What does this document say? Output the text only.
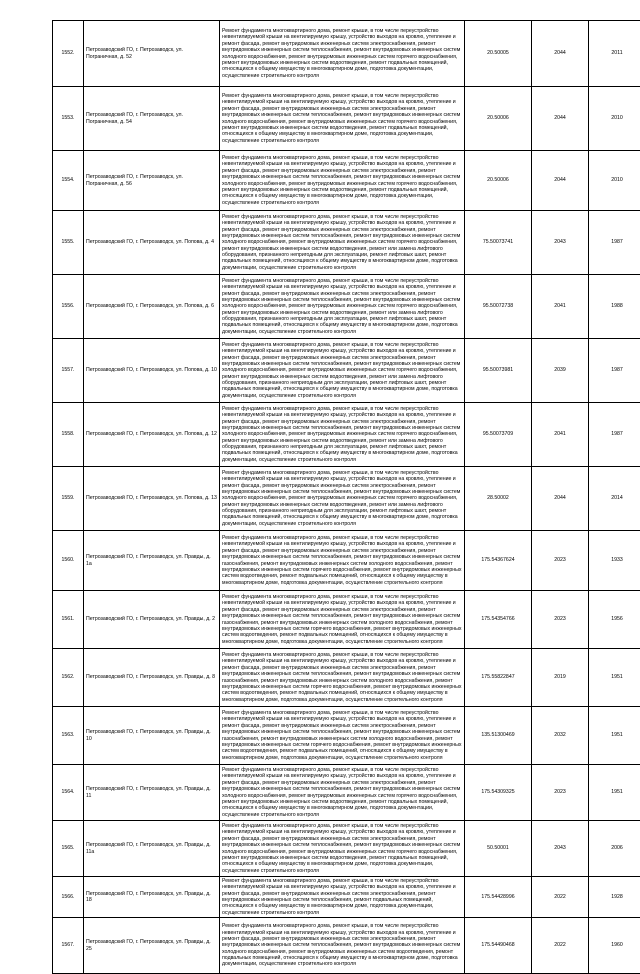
1552.	Петрозаводский ГО, г. Петрозаводск, ул. Пограничная, д. 52	Ремонт фундамента многоквартирного дома, ремонт крыши, в том числе переустройство невентилируемой крыши на вентилируемую крышу, устройство выходов на кровлю, утепление и ремонт фасада, ремонт внутридомовых инженерных систем электроснабжения, ремонт внутридомовых инженерных систем теплоснабжения, ремонт внутридомовых инженерных систем холодного водоснабжения, ремонт внутридомовых инженерных систем горячего водоснабжения, ремонт внутридомовых инженерных систем водоотведения, ремонт подвальных помещений, относящихся к общему имуществу в многоквартирном доме, подготовка документации, осуществление строительного контроля	20.50005	2044	2011
1553.	Петрозаводский ГО, г. Петрозаводск, ул. Пограничная, д. 54	Ремонт фундамента многоквартирного дома, ремонт крыши, в том числе переустройство невентилируемой крыши на вентилируемую крышу, устройство выходов на кровлю, утепление и ремонт фасада, ремонт внутридомовых инженерных систем электроснабжения, ремонт внутридомовых инженерных систем теплоснабжения, ремонт внутридомовых инженерных систем холодного водоснабжения, ремонт внутридомовых инженерных систем горячего водоснабжения, ремонт внутридомовых инженерных систем водоотведения, ремонт подвальных помещений, относящихся к общему имуществу в многоквартирном доме, подготовка документации, осуществление строительного контроля	20.50006	2044	2010
1554.	Петрозаводский ГО, г. Петрозаводск, ул. Пограничная, д. 56	Ремонт фундамента многоквартирного дома, ремонт крыши, в том числе переустройство невентилируемой крыши на вентилируемую крышу, устройство выходов на кровлю, утепление и ремонт фасада, ремонт внутридомовых инженерных систем электроснабжения, ремонт внутридомовых инженерных систем теплоснабжения, ремонт внутридомовых инженерных систем холодного водоснабжения, ремонт внутридомовых инженерных систем горячего водоснабжения, ремонт внутридомовых инженерных систем водоотведения, ремонт подвальных помещений, относящихся к общему имуществу в многоквартирном доме, подготовка документации, осуществление строительного контроля	20.50006	2044	2010
1555.	Петрозаводский ГО, г. Петрозаводск, ул. Попова, д. 4	Ремонт фундамента многоквартирного дома, ремонт крыши, в том числе переустройство невентилируемой крыши на вентилируемую крышу, устройство выходов на кровлю, утепление и ремонт фасада, ремонт внутридомовых инженерных систем электроснабжения, ремонт внутридомовых инженерных систем теплоснабжения, ремонт внутридомовых инженерных систем холодного водоснабжения, ремонт внутридомовых инженерных систем горячего водоснабжения, ремонт внутридомовых инженерных систем водоотведения, ремонт или замена лифтового оборудования, признанного непригодным для эксплуатации, ремонт лифтовых шахт, ремонт подвальных помещений, относящихся к общему имуществу в многоквартирном доме, подготовка документации, осуществление строительного контроля	75.50073741	2043	1987
1556.	Петрозаводский ГО, г. Петрозаводск, ул. Попова, д. 6	Ремонт фундамента многоквартирного дома, ремонт крыши, в том числе переустройство невентилируемой крыши на вентилируемую крышу, устройство выходов на кровлю, утепление и ремонт фасада, ремонт внутридомовых инженерных систем электроснабжения, ремонт внутридомовых инженерных систем теплоснабжения, ремонт внутридомовых инженерных систем холодного водоснабжения, ремонт внутридомовых инженерных систем горячего водоснабжения, ремонт внутридомовых инженерных систем водоотведения, ремонт или замена лифтового оборудования, признанного непригодным для эксплуатации, ремонт лифтовых шахт, ремонт подвальных помещений, относящихся к общему имуществу в многоквартирном доме, подготовка документации, осуществление строительного контроля	95.50072738	2041	1988
1557.	Петрозаводский ГО, г. Петрозаводск, ул. Попова, д. 10	Ремонт фундамента многоквартирного дома, ремонт крыши, в том числе переустройство невентилируемой крыши на вентилируемую крышу, устройство выходов на кровлю, утепление и ремонт фасада, ремонт внутридомовых инженерных систем электроснабжения, ремонт внутридомовых инженерных систем теплоснабжения, ремонт внутридомовых инженерных систем холодного водоснабжения, ремонт внутридомовых инженерных систем горячего водоснабжения, ремонт внутридомовых инженерных систем водоотведения, ремонт или замена лифтового оборудования, признанного непригодным для эксплуатации, ремонт лифтовых шахт, ремонт подвальных помещений, относящихся к общему имуществу в многоквартирном доме, подготовка документации, осуществление строительного контроля	95.50073981	2039	1987
1558.	Петрозаводский ГО, г. Петрозаводск, ул. Попова, д. 12	Ремонт фундамента многоквартирного дома, ремонт крыши, в том числе переустройство невентилируемой крыши на вентилируемую крышу, устройство выходов на кровлю, утепление и ремонт фасада, ремонт внутридомовых инженерных систем электроснабжения, ремонт внутридомовых инженерных систем теплоснабжения, ремонт внутридомовых инженерных систем холодного водоснабжения, ремонт внутридомовых инженерных систем горячего водоснабжения, ремонт внутридомовых инженерных систем водоотведения, ремонт или замена лифтового оборудования, признанного непригодным для эксплуатации, ремонт лифтовых шахт, ремонт подвальных помещений, относящихся к общему имуществу в многоквартирном доме, подготовка документации, осуществление строительного контроля	95.50073709	2041	1987
1559.	Петрозаводский ГО, г. Петрозаводск, ул. Попова, д. 13	Ремонт фундамента многоквартирного дома, ремонт крыши, в том числе переустройство невентилируемой крыши на вентилируемую крышу, устройство выходов на кровлю, утепление и ремонт фасада, ремонт внутридомовых инженерных систем электроснабжения, ремонт внутридомовых инженерных систем теплоснабжения, ремонт внутридомовых инженерных систем холодного водоснабжения, ремонт внутридомовых инженерных систем горячего водоснабжения, ремонт внутридомовых инженерных систем водоотведения, ремонт или замена лифтового оборудования, признанного непригодным для эксплуатации, ремонт лифтовых шахт, ремонт подвальных помещений, относящихся к общему имуществу в многоквартирном доме, подготовка документации, осуществление строительного контроля	28.50002	2044	2014
1560.	Петрозаводский ГО, г. Петрозаводск, ул. Правды, д. 1а	Ремонт фундамента многоквартирного дома, ремонт крыши, в том числе переустройство невентилируемой крыши на вентилируемую крышу, устройство выходов на кровлю, утепление и ремонт фасада, ремонт внутридомовых инженерных систем электроснабжения, ремонт внутридомовых инженерных систем теплоснабжения, ремонт внутридомовых инженерных систем газоснабжения, ремонт внутридомовых инженерных систем холодного водоснабжения, ремонт внутридомовых инженерных систем горячего водоснабжения, ремонт внутридомовых инженерных систем водоотведения, ремонт подвальных помещений, относящихся к общему имуществу в многоквартирном доме, подготовка документации, осуществление строительного контроля	175.54367624	2023	1933
1561.	Петрозаводский ГО, г. Петрозаводск, ул. Правды, д. 2	Ремонт фундамента многоквартирного дома, ремонт крыши, в том числе переустройство невентилируемой крыши на вентилируемую крышу, устройство выходов на кровлю, утепление и ремонт фасада, ремонт внутридомовых инженерных систем электроснабжения, ремонт внутридомовых инженерных систем теплоснабжения, ремонт внутридомовых инженерных систем газоснабжения, ремонт внутридомовых инженерных систем холодного водоснабжения, ремонт внутридомовых инженерных систем горячего водоснабжения, ремонт внутридомовых инженерных систем водоотведения, ремонт подвальных помещений, относящихся к общему имуществу в многоквартирном доме, подготовка документации, осуществление строительного контроля	175.54354766	2023	1956
1562.	Петрозаводский ГО, г. Петрозаводск, ул. Правды, д. 8	Ремонт фундамента многоквартирного дома, ремонт крыши, в том числе переустройство невентилируемой крыши на вентилируемую крышу, устройство выходов на кровлю, утепление и ремонт фасада, ремонт внутридомовых инженерных систем электроснабжения, ремонт внутридомовых инженерных систем теплоснабжения, ремонт внутридомовых инженерных систем газоснабжения, ремонт внутридомовых инженерных систем холодного водоснабжения, ремонт внутридомовых инженерных систем горячего водоснабжения, ремонт внутридомовых инженерных систем водоотведения, ремонт подвальных помещений, относящихся к общему имуществу в многоквартирном доме, подготовка документации, осуществление строительного контроля	175.55822847	2019	1951
1563.	Петрозаводский ГО, г. Петрозаводск, ул. Правды, д. 10	Ремонт фундамента многоквартирного дома, ремонт крыши, в том числе переустройство невентилируемой крыши на вентилируемую крышу, устройство выходов на кровлю, утепление и ремонт фасада, ремонт внутридомовых инженерных систем электроснабжения, ремонт внутридомовых инженерных систем теплоснабжения, ремонт внутридомовых инженерных систем газоснабжения, ремонт внутридомовых инженерных систем холодного водоснабжения, ремонт внутридомовых инженерных систем горячего водоснабжения, ремонт внутридомовых инженерных систем водоотведения, ремонт подвальных помещений, относящихся к общему имуществу в многоквартирном доме, подготовка документации, осуществление строительного контроля	135.51300469	2032	1951
1564.	Петрозаводский ГО, г. Петрозаводск, ул. Правды, д. 11	Ремонт фундамента многоквартирного дома, ремонт крыши, в том числе переустройство невентилируемой крыши на вентилируемую крышу, устройство выходов на кровлю, утепление и ремонт фасада, ремонт внутридомовых инженерных систем электроснабжения, ремонт внутридомовых инженерных систем теплоснабжения, ремонт внутридомовых инженерных систем холодного водоснабжения, ремонт внутридомовых инженерных систем горячего водоснабжения, ремонт внутридомовых инженерных систем водоотведения, ремонт подвальных помещений, относящихся к общему имуществу в многоквартирном доме, подготовка документации, осуществление строительного контроля	175.54309325	2023	1951
1565.	Петрозаводский ГО, г. Петрозаводск, ул. Правды, д. 11а	Ремонт фундамента многоквартирного дома, ремонт крыши, в том числе переустройство невентилируемой крыши на вентилируемую крышу, устройство выходов на кровлю, утепление и ремонт фасада, ремонт внутридомовых инженерных систем электроснабжения, ремонт внутридомовых инженерных систем теплоснабжения, ремонт внутридомовых инженерных систем холодного водоснабжения, ремонт внутридомовых инженерных систем горячего водоснабжения, ремонт внутридомовых инженерных систем водоотведения, ремонт подвальных помещений, относящихся к общему имуществу в многоквартирном доме, подготовка документации, осуществление строительного контроля	50.50001	2043	2006
1566.	Петрозаводский ГО, г. Петрозаводск, ул. Правды, д. 18	Ремонт фундамента многоквартирного дома, ремонт крыши, в том числе переустройство невентилируемой крыши на вентилируемую крышу, устройство выходов на кровлю, утепление и ремонт фасада, ремонт внутридомовых инженерных систем электроснабжения, ремонт внутридомовых инженерных систем теплоснабжения, ремонт подвальных помещений, относящихся к общему имуществу в многоквартирном доме, подготовка документации, осуществление строительного контроля	175.54428996	2022	1928
1567.	Петрозаводский ГО, г. Петрозаводск, ул. Правды, д. 25	Ремонт фундамента многоквартирного дома, ремонт крыши, в том числе переустройство невентилируемой крыши на вентилируемую крышу, устройство выходов на кровлю, утепление и ремонт фасада, ремонт внутридомовых инженерных систем электроснабжения, ремонт внутридомовых инженерных систем теплоснабжения, ремонт внутридомовых инженерных систем холодного водоснабжения, ремонт внутридомовых инженерных систем водоотведения, ремонт подвальных помещений, относящихся к общему имуществу в многоквартирном доме, подготовка документации, осуществление строительного контроля	175.54490468	2022	1960
